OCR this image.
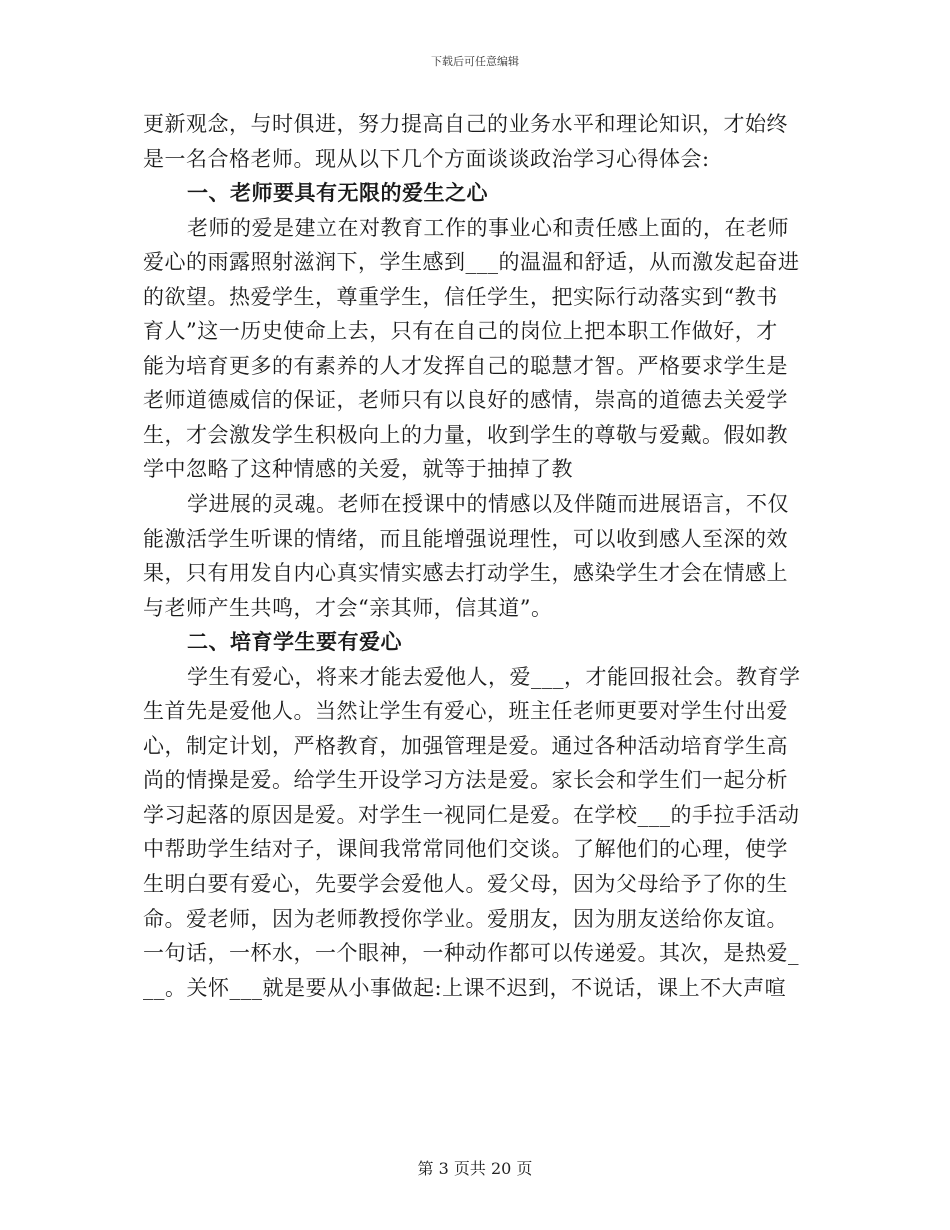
下载后可任意编辑
更新观念，与时俱进，努力提高自己的业务水平和理论知识，才始终
是一名合格老师。现从以下几个方面谈谈政治学习心得体会:
一、老师要具有无限的爱生之心
老师的爱是建立在对教育工作的事业心和责任感上面的，在老师
爱心的雨露照射滋润下，学生感到___的温温和舒适，从而激发起奋进
的欲望。热爱学生，尊重学生，信任学生，把实际行动落实到“教书
育人”这一历史使命上去，只有在自己的岗位上把本职工作做好，才
能为培育更多的有素养的人才发挥自己的聪慧才智。严格要求学生是
老师道德威信的保证，老师只有以良好的感情，崇高的道德去关爱学
生，才会激发学生积极向上的力量，收到学生的尊敬与爱戴。假如教
学中忽略了这种情感的关爱，就等于抽掉了教
学进展的灵魂。老师在授课中的情感以及伴随而进展语言，不仅
能激活学生听课的情绪，而且能增强说理性，可以收到感人至深的效
果，只有用发自内心真实情实感去打动学生，感染学生才会在情感上
与老师产生共鸣，才会“亲其师，信其道”。
二、培育学生要有爱心
学生有爱心，将来才能去爱他人，爱___，才能回报社会。教育学
生首先是爱他人。当然让学生有爱心，班主任老师更要对学生付出爱
心，制定计划，严格教育，加强管理是爱。通过各种活动培育学生高
尚的情操是爱。给学生开设学习方法是爱。家长会和学生们一起分析
学习起落的原因是爱。对学生一视同仁是爱。在学校___的手拉手活动
中帮助学生结对子，课间我常常同他们交谈。了解他们的心理，使学
生明白要有爱心，先要学会爱他人。爱父母，因为父母给予了你的生
命。爱老师，因为老师教授你学业。爱朋友，因为朋友送给你友谊。
一句话，一杯水，一个眼神，一种动作都可以传递爱。其次，是热爱_
__。关怀___就是要从小事做起:上课不迟到，不说话，课上不大声喧
第 3 页共 20 页
